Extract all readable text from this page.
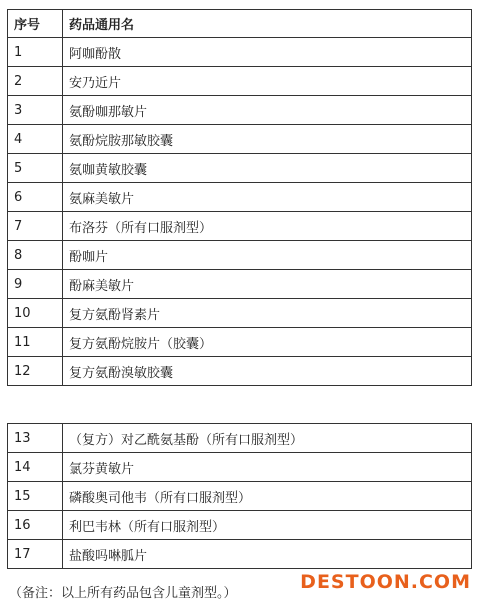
序号	药品通用名
1	阿咖酚散
2	安乃近片
3	氨酚咖那敏片
4	氨酚烷胺那敏胶囊
5	氨咖黄敏胶囊
6	氨麻美敏片
7	布洛芬（所有口服剂型）
8	酚咖片
9	酚麻美敏片
10	复方氨酚肾素片
11	复方氨酚烷胺片（胶囊）
12	复方氨酚溴敏胶囊
13	（复方）对乙酰氨基酚（所有口服剂型）
14	氯芬黄敏片
15	磷酸奥司他韦（所有口服剂型）
16	利巴韦林（所有口服剂型）
17	盐酸吗啉胍片
（备注：以上所有药品包含儿童剂型。）
DESTOON.COM
